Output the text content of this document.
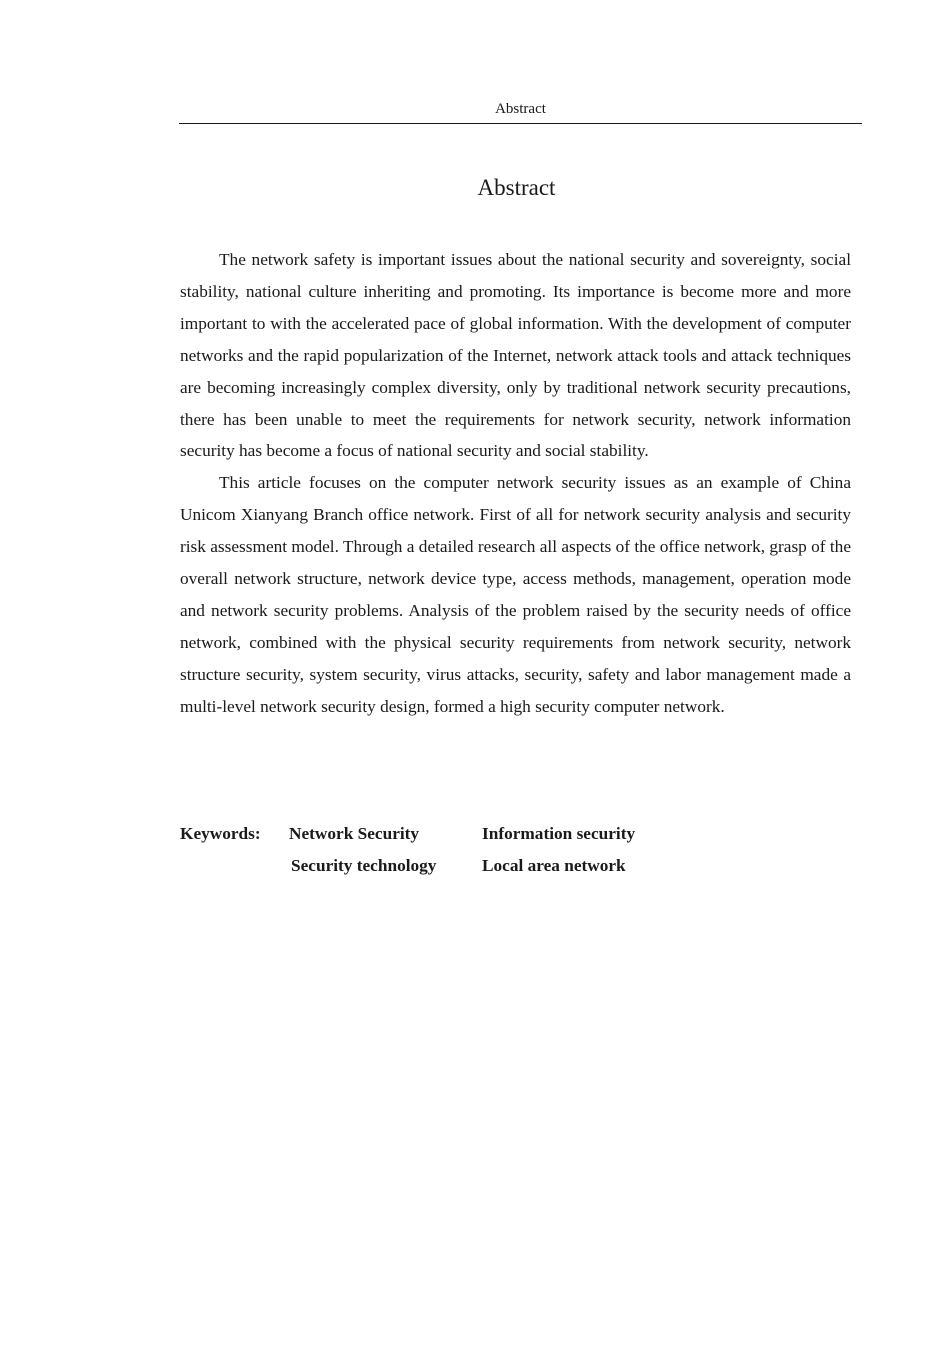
Abstract
Abstract

The network safety is important issues about the national security and sovereignty, social stability, national culture inheriting and promoting. Its importance is become more and more important to with the accelerated pace of global information. With the development of computer networks and the rapid popularization of the Internet, network attack tools and attack techniques are becoming increasingly complex diversity, only by traditional network security precautions, there has been unable to meet the requirements for network security, network information security has become a focus of national security and social stability.

This article focuses on the computer network security issues as an example of China Unicom Xianyang Branch office network. First of all for network security analysis and security risk assessment model. Through a detailed research all aspects of the office network, grasp of the overall network structure, network device type, access methods, management, operation mode and network security problems. Analysis of the problem raised by the security needs of office network, combined with the physical security requirements from network security, network structure security, system security, virus attacks, security, safety and labor management made a multi-level network security design, formed a high security computer network.

Keywords: Network Security	Information security
Security technology	Local area network
